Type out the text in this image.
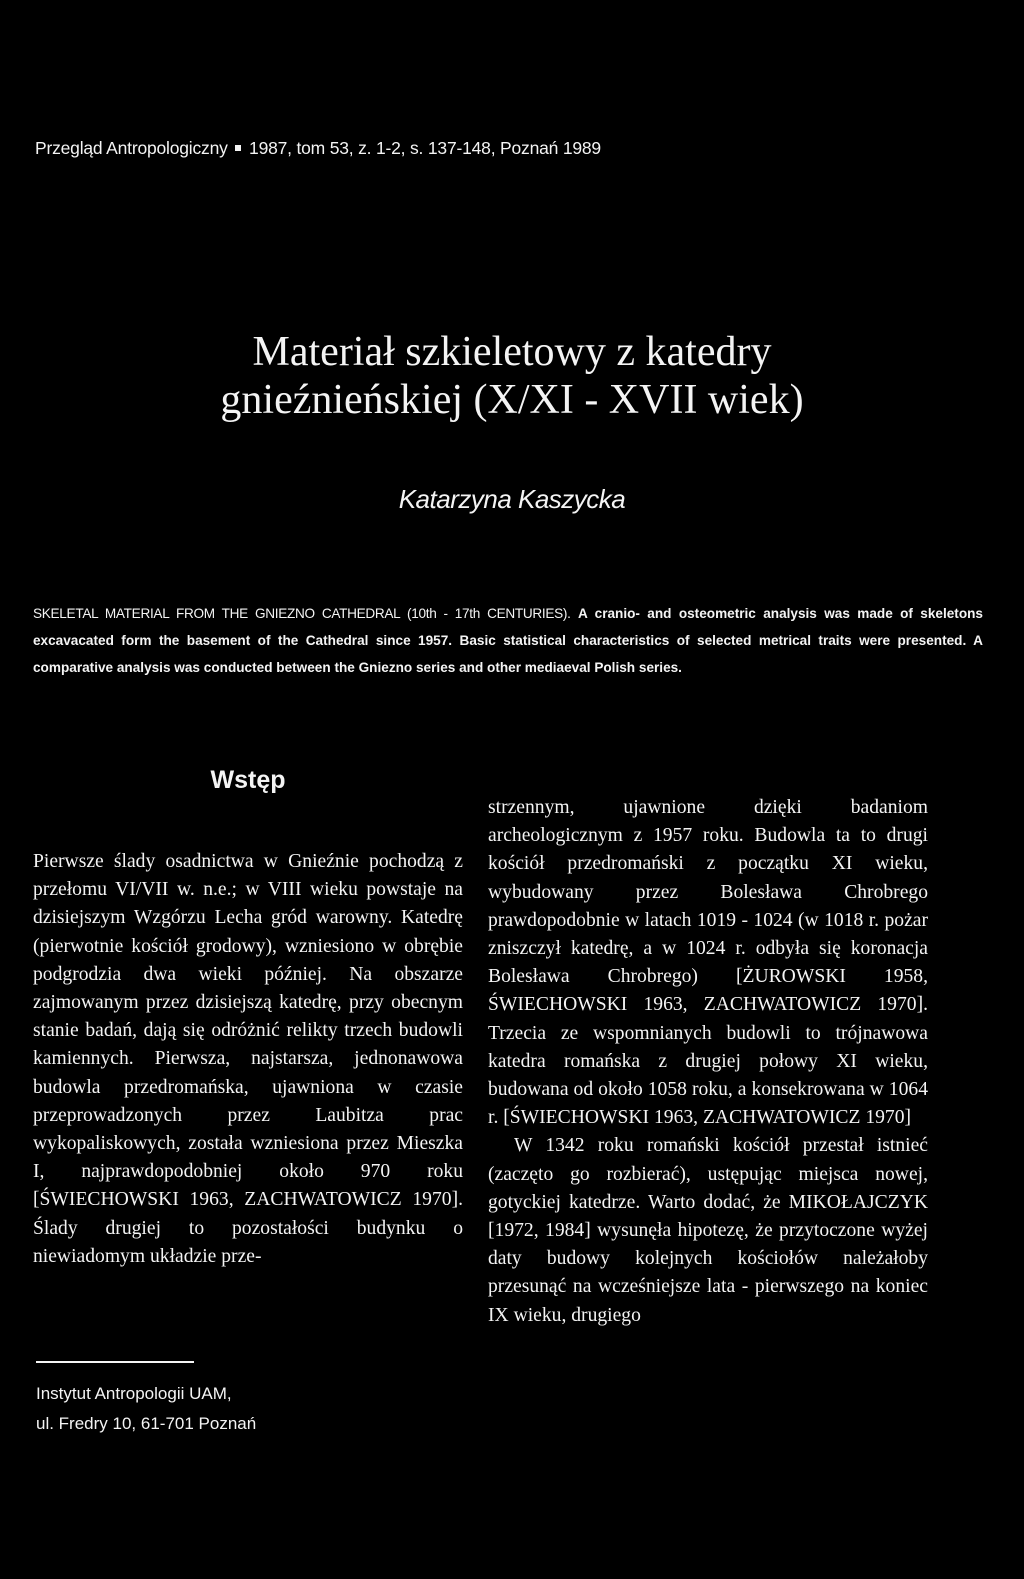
Przegląd Antropologiczny 1987, tom 53, z. 1-2, s. 137-148, Poznań 1989
Materiał szkieletowy z katedry
gnieźnieńskiej (X/XI - XVII wiek)
Katarzyna Kaszycka
SKELETAL MATERIAL FROM THE GNIEZNO CATHEDRAL (10th - 17th CENTURIES). A cranio- and osteometric analysis was made of skeletons excavacated form the basement of the Cathedral since 1957. Basic statistical characteristics of selected metrical traits were presented. A comparative analysis was conducted between the Gniezno series and other mediaeval Polish series.
Wstęp

Pierwsze ślady osadnictwa w Gnieźnie pochodzą z przełomu VI/VII w. n.e.; w VIII wieku powstaje na dzisiejszym Wzgórzu Lecha gród warowny. Katedrę (pierwotnie kościół grodowy), wzniesiono w obrębie podgrodzia dwa wieki później. Na obszarze zajmowanym przez dzisiejszą katedrę, przy obecnym stanie badań, dają się odróżnić relikty trzech budowli kamiennych. Pierwsza, najstarsza, jednonawowa budowla przedromańska, ujawniona w czasie przeprowadzonych przez Laubitza prac wykopaliskowych, została wzniesiona przez Mieszka I, najprawdopodobniej około 970 roku [ŚWIECHOWSKI 1963, ZACHWATOWICZ 1970]. Ślady drugiej to pozostałości budynku o niewiadomym układzie prze-

strzennym, ujawnione dzięki badaniom archeologicznym z 1957 roku. Budowla ta to drugi kościół przedromański z początku XI wieku, wybudowany przez Bolesława Chrobrego prawdopodobnie w latach 1019 - 1024 (w 1018 r. pożar zniszczył katedrę, a w 1024 r. odbyła się koronacja Bolesława Chrobrego) [ŻUROWSKI 1958, ŚWIECHOWSKI 1963, ZACHWATOWICZ 1970]. Trzecia ze wspomnianych budowli to trójnawowa katedra romańska z drugiej połowy XI wieku, budowana od około 1058 roku, a konsekrowana w 1064 r. [ŚWIECHOWSKI 1963, ZACHWATOWICZ 1970]

W 1342 roku romański kościół przestał istnieć (zaczęto go rozbierać), ustępując miejsca nowej, gotyckiej katedrze. Warto dodać, że MIKOŁAJCZYK [1972, 1984] wysunęła hipotezę, że przytoczone wyżej daty budowy kolejnych kościołów należałoby przesunąć na wcześniejsze lata - pierwszego na koniec IX wieku, drugiego

Instytut Antropologii UAM,
ul. Fredry 10, 61-701 Poznań
